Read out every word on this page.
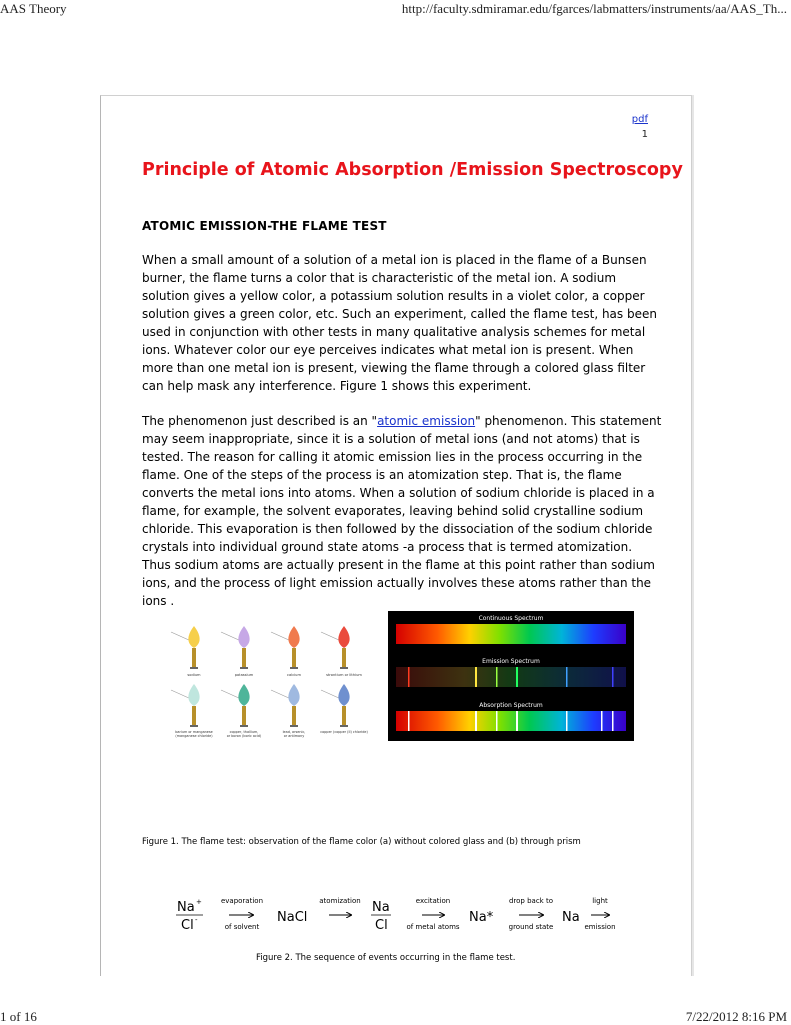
AAS Theory	http://faculty.sdmiramar.edu/fgarces/labmatters/instruments/aa/AAS_Th...
pdf
1
Principle of Atomic Absorption /Emission Spectroscopy
ATOMIC EMISSION-THE FLAME TEST
When a small amount of a solution of a metal ion is placed in the flame of a Bunsen
burner, the flame turns a color that is characteristic of the metal ion. A sodium
solution gives a yellow color, a potassium solution results in a violet color, a copper
solution gives a green color, etc. Such an experiment, called the flame test, has been
used in conjunction with other tests in many qualitative analysis schemes for metal
ions. Whatever color our eye perceives indicates what metal ion is present. When
more than one metal ion is present, viewing the flame through a colored glass filter
can help mask any interference. Figure 1 shows this experiment.
The phenomenon just described is an "atomic emission" phenomenon. This statement
may seem inappropriate, since it is a solution of metal ions (and not atoms) that is
tested. The reason for calling it atomic emission lies in the process occurring in the
flame. One of the steps of the process is an atomization step. That is, the flame
converts the metal ions into atoms. When a solution of sodium chloride is placed in a
flame, for example, the solvent evaporates, leaving behind solid crystalline sodium
chloride. This evaporation is then followed by the dissociation of the sodium chloride
crystals into individual ground state atoms -a process that is termed atomization.
Thus sodium atoms are actually present in the flame at this point rather than sodium
ions, and the process of light emission actually involves these atoms rather than the
ions .
sodium	potassium	calcium	strontium or lithium
barium or manganese
(manganese chloride)
copper, thallium,
or boron (boric acid)
lead, arsenic,
or antimony
copper (copper (II) chloride)
Continuous Spectrum
Emission Spectrum
Absorption Spectrum
Figure 1. The flame test: observation of the flame color (a) without colored glass and (b) through prism
Na +
Cl -
evaporation
of solvent
NaCl
atomization Na
Cl
excitation
of metal atoms
Na*
drop back to
ground state
Na
light
emission
Figure 2. The sequence of events occurring in the flame test.
1 of 16	7/22/2012 8:16 PM
